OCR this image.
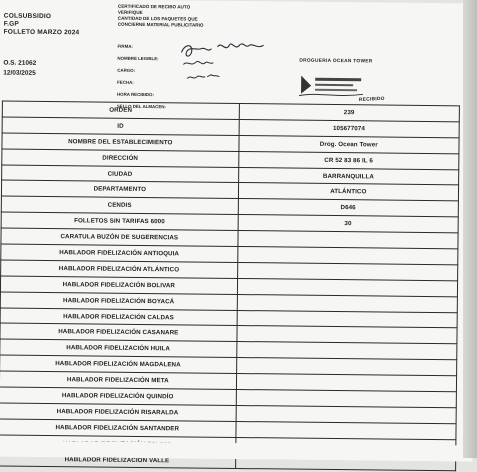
COLSUBSIDIO
F.GP
FOLLETO MARZO 2024
O.S. 21062
12/03/2025
CERTIFICADO DE RECIBO AUTO
VERIFIQUE
CANTIDAD DE LOS PAQUETES QUE
CONCIERNE MATERIAL PUBLICITARIO
FIRMA:
NOMBRE LEGIBLE:
CARGO:
FECHA:
HORA RECIBIDO:
SELLO DEL ALMACEN:
DROGUERIA OCEAN TOWER
RECIBIDO
ORDEN	239
ID	105677074
NOMBRE DEL ESTABLECIMIENTO	Drog. Ocean Tower
DIRECCIÓN	CR 52 83 86 IL 6
CIUDAD	BARRANQUILLA
DEPARTAMENTO	ATLÁNTICO
CENDIS	D646
FOLLETOS SIN TARIFAS 6000	30
CARATULA BUZÓN DE SUGERENCIAS	
HABLADOR FIDELIZACIÓN ANTIOQUIA	
HABLADOR FIDELIZACIÓN ATLÁNTICO	
HABLADOR FIDELIZACIÓN BOLIVAR	
HABLADOR FIDELIZACIÓN BOYACÁ	
HABLADOR FIDELIZACIÓN CALDAS	
HABLADOR FIDELIZACIÓN CASANARE	
HABLADOR FIDELIZACIÓN HUILA	
HABLADOR FIDELIZACIÓN MAGDALENA	
HABLADOR FIDELIZACIÓN META	
HABLADOR FIDELIZACIÓN QUINDÍO	
HABLADOR FIDELIZACIÓN RISARALDA	
HABLADOR FIDELIZACIÓN SANTANDER	

HABLADOR FIDELIZACIÓN VALLE	
